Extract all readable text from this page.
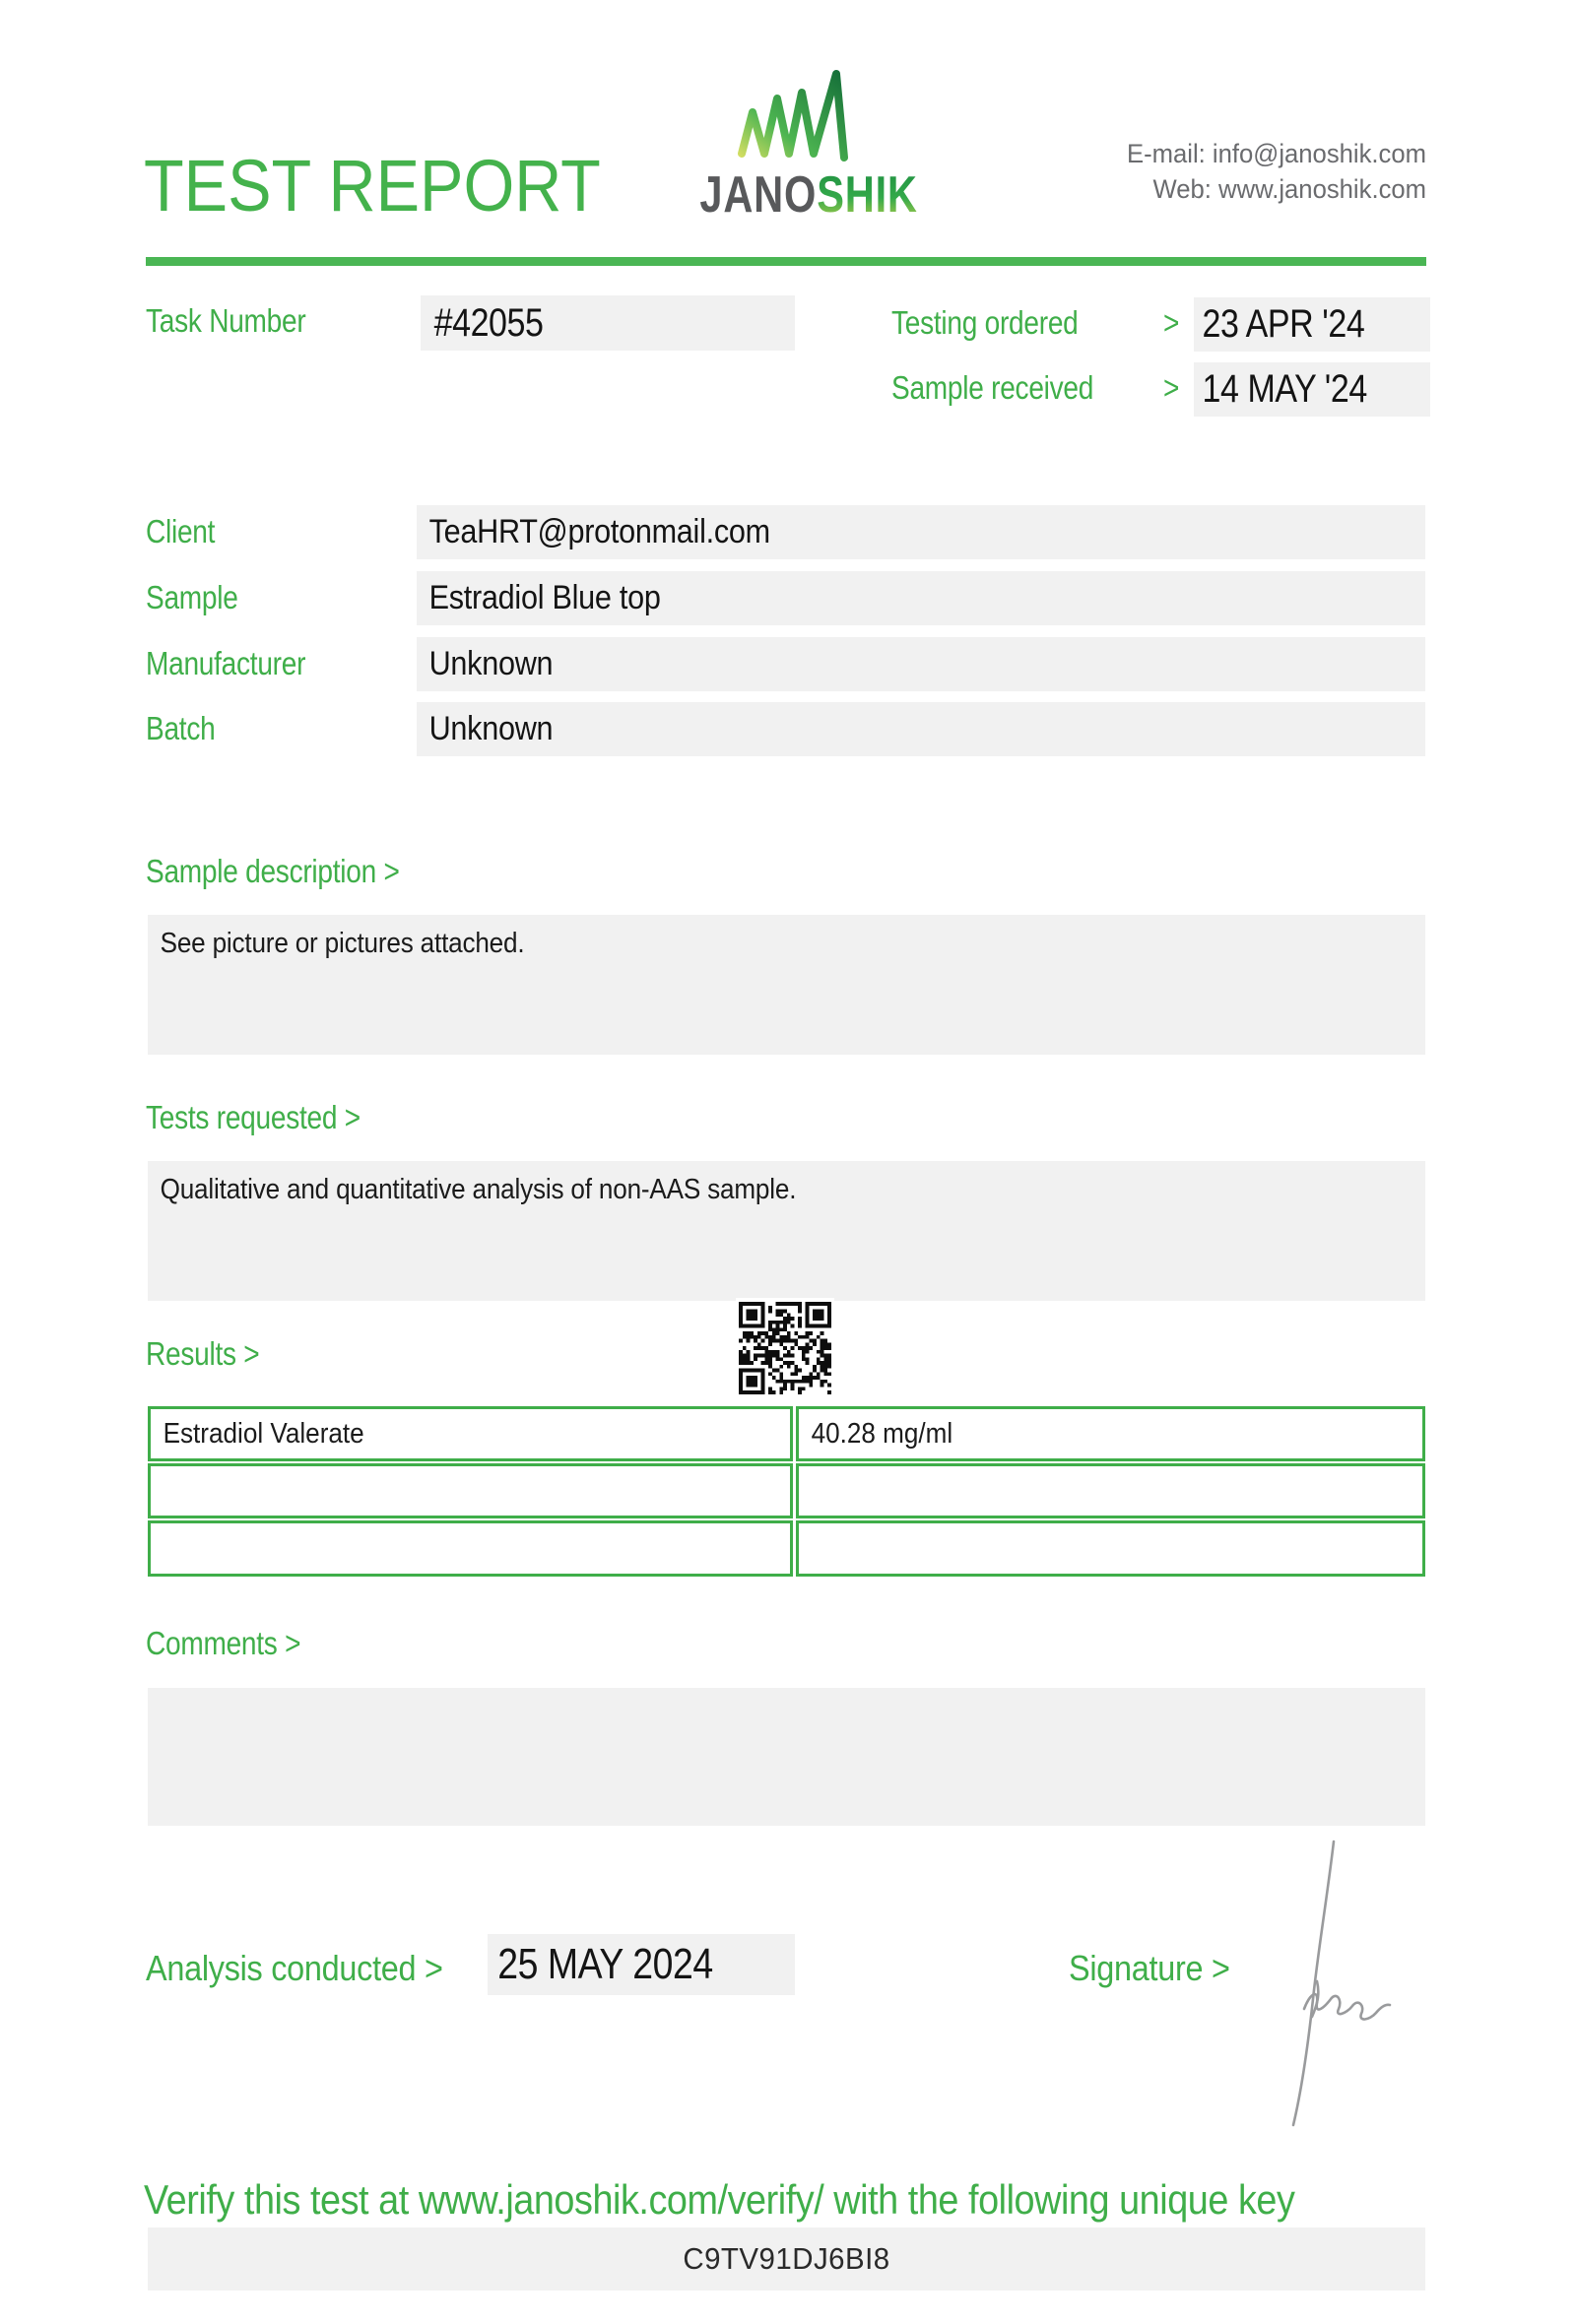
TEST REPORT JANOSHIK
E-mail: info@janoshik.com
Web: www.janoshik.com
Task Number	#42055	Testing ordered	> 23 APR '24
Sample received > 14 MAY '24
Client	TeaHRT@protonmail.com
Sample	Estradiol Blue top
Manufacturer	Unknown
Batch	Unknown
Sample description >
See picture or pictures attached.
Tests requested >
Qualitative and quantitative analysis of non-AAS sample.
Results >
Estradiol Valerate	40.28 mg/ml
Comments >
Analysis conducted > 25 MAY 2024	Signature >
Verify this test at www.janoshik.com/verify/ with the following unique key
C9TV91DJ6BI8
